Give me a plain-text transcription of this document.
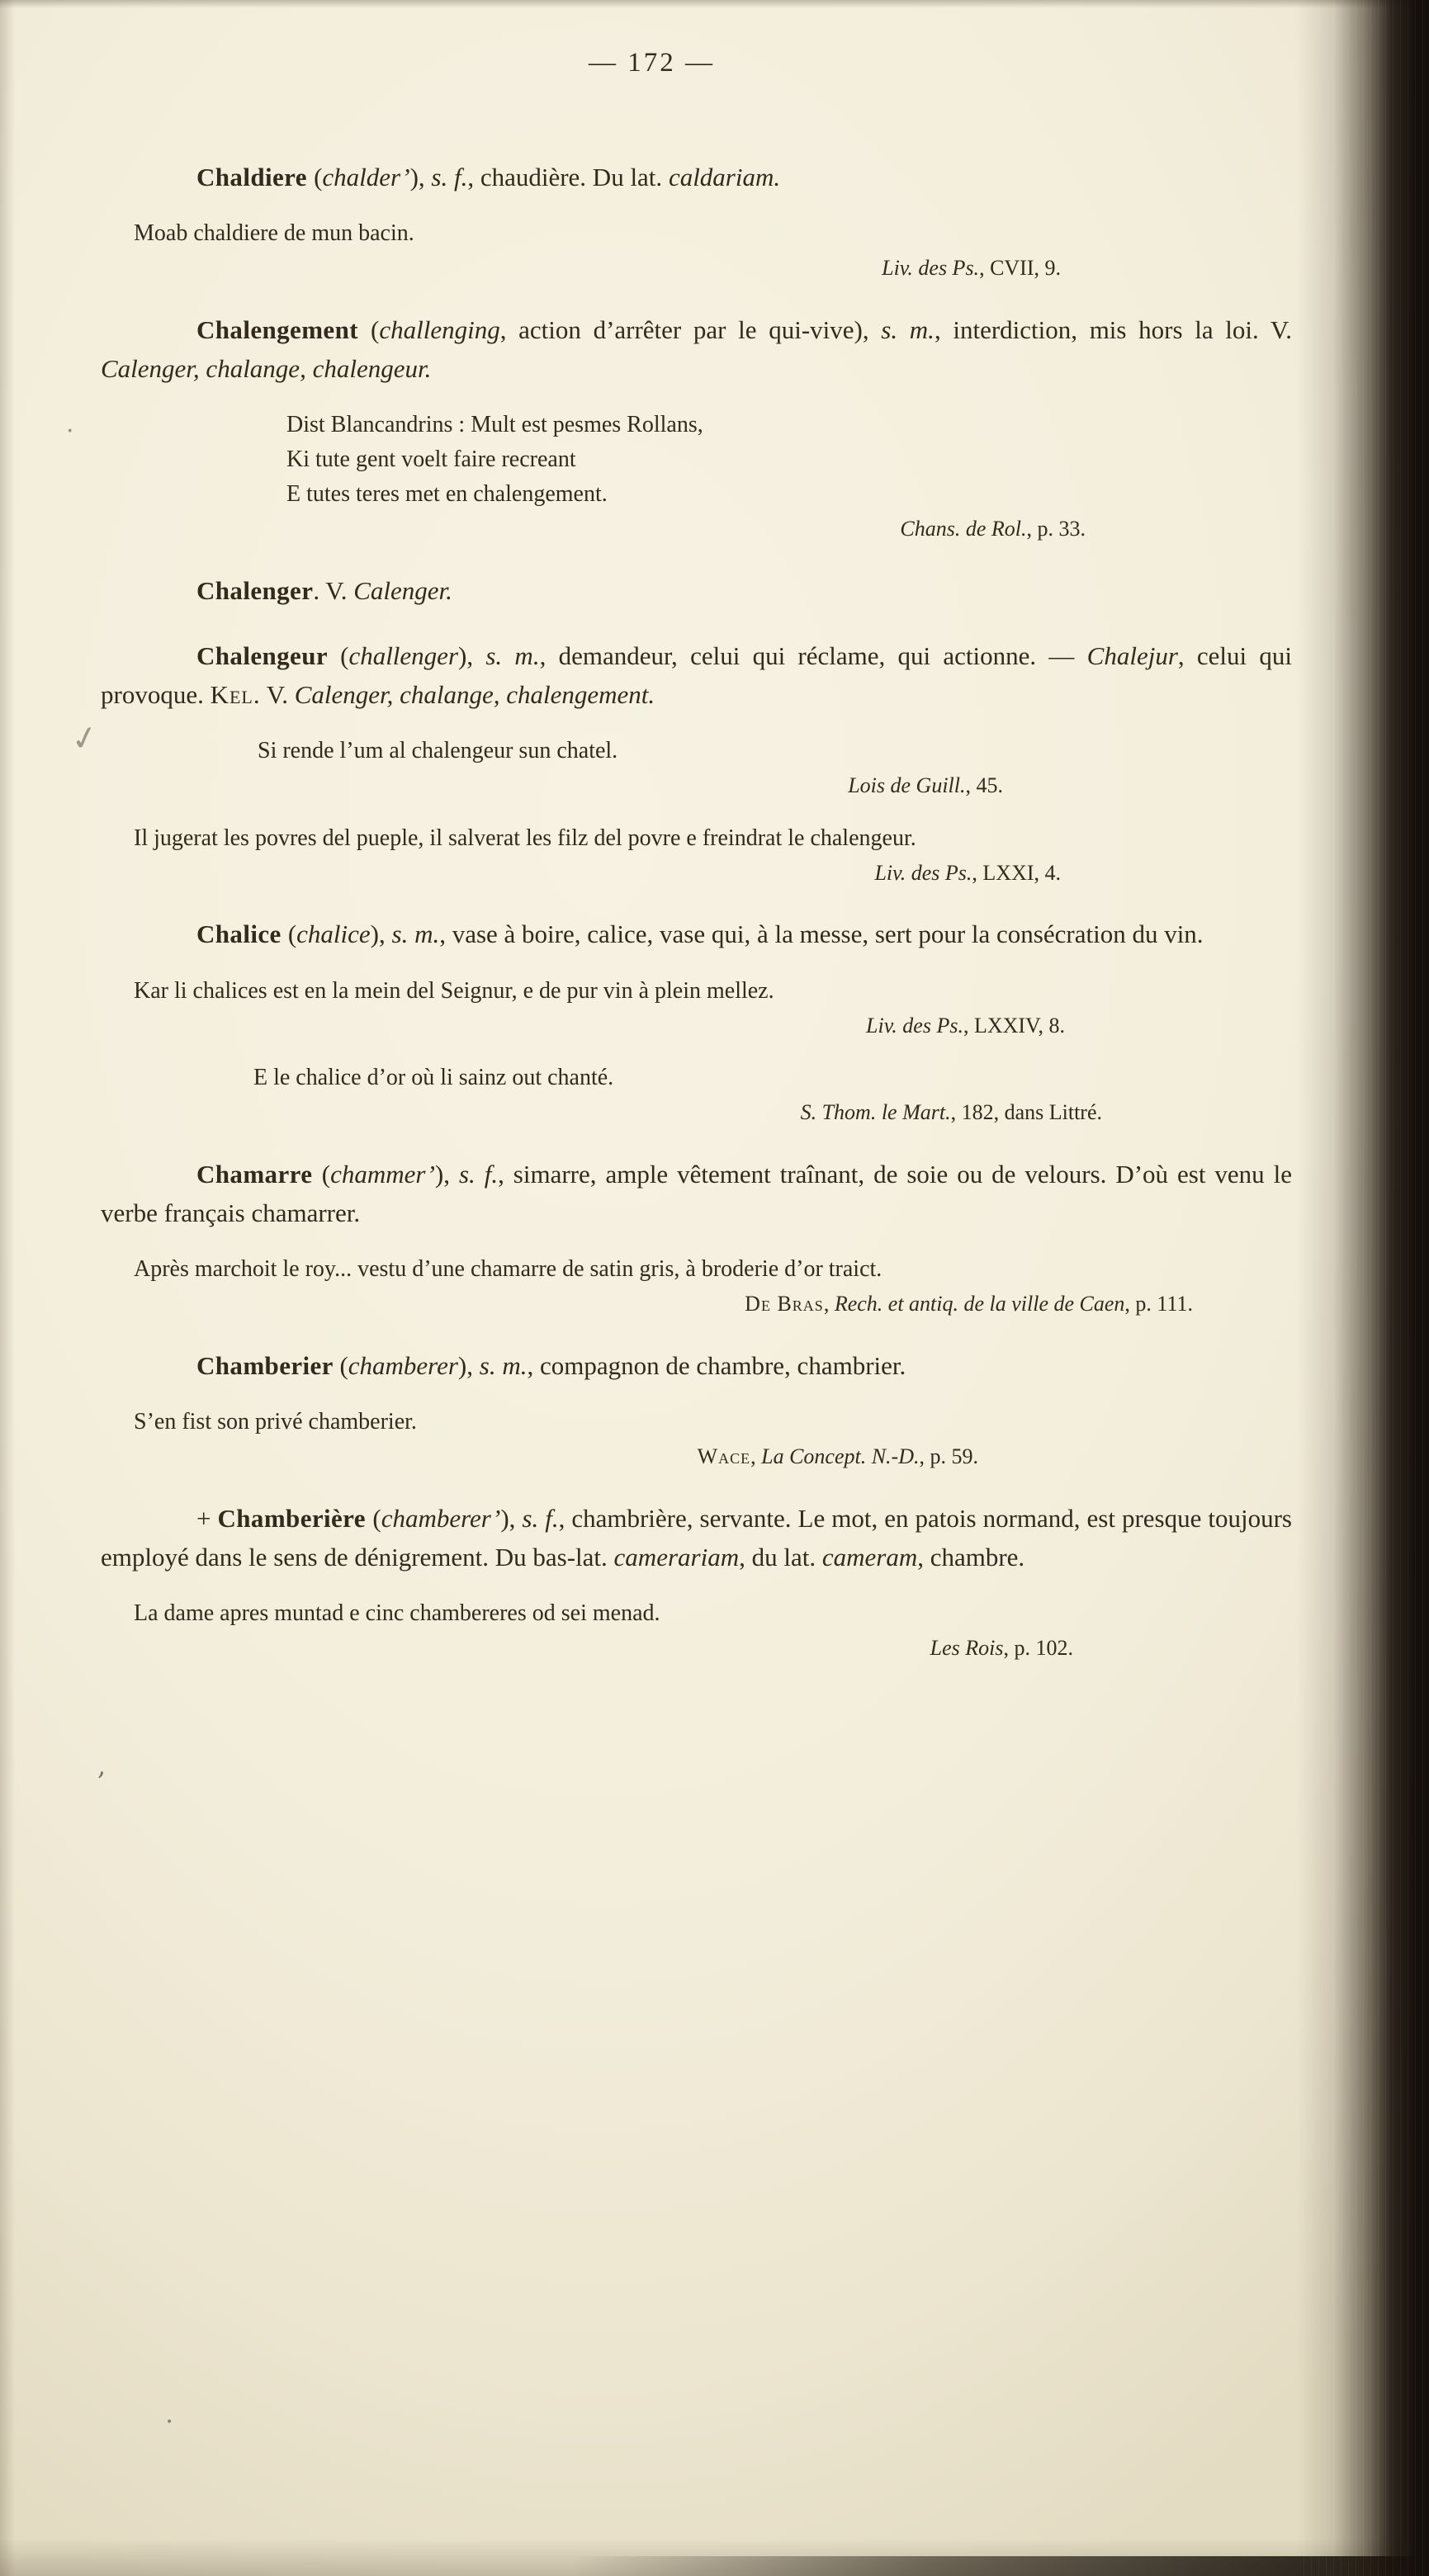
— 172 —

Chaldiere (chalder’), s. f., chaudière. Du lat. caldariam.

Moab chaldiere de mun bacin.

Liv. des Ps., CVII, 9.

Chalengement (challenging, action d’arrêter par le qui-vive), s. m., interdiction, mis hors la loi. V. Calenger, chalange, chalengeur.

Dist Blancandrins : Mult est pesmes Rollans,
Ki tute gent voelt faire recreant
E tutes teres met en chalengement.

Chans. de Rol., p. 33.

Chalenger. V. Calenger.

Chalengeur (challenger), s. m., demandeur, celui qui réclame, qui actionne. — Chalejur, celui qui provoque. Kel. V. Calenger, chalange, chalengement.

Si rende l’um al chalengeur sun chatel.

Lois de Guill., 45.

Il jugerat les povres del pueple, il salverat les filz del povre e freindrat le chalengeur.

Liv. des Ps., LXXI, 4.

Chalice (chalice), s. m., vase à boire, calice, vase qui, à la messe, sert pour la consécration du vin.

Kar li chalices est en la mein del Seignur, e de pur vin à plein mellez.

Liv. des Ps., LXXIV, 8.

E le chalice d’or où li sainz out chanté.

S. Thom. le Mart., 182, dans Littré.

Chamarre (chammer’), s. f., simarre, ample vêtement traînant, de soie ou de velours. D’où est venu le verbe français chamarrer.

Après marchoit le roy... vestu d’une chamarre de satin gris, à broderie d’or traict.

De Bras, Rech. et antiq. de la ville de Caen, p. 111.

Chamberier (chamberer), s. m., compagnon de chambre, chambrier.

S’en fist son privé chamberier.

Wace, La Concept. N.-D., p. 59.

+ Chamberière (chamberer’), s. f., chambrière, servante. Le mot, en patois normand, est presque toujours employé dans le sens de dénigrement. Du bas-lat. camerariam, du lat. cameram, chambre.

La dame apres muntad e cinc chambereres od sei menad.

Les Rois, p. 102.

·
✓
,
.
